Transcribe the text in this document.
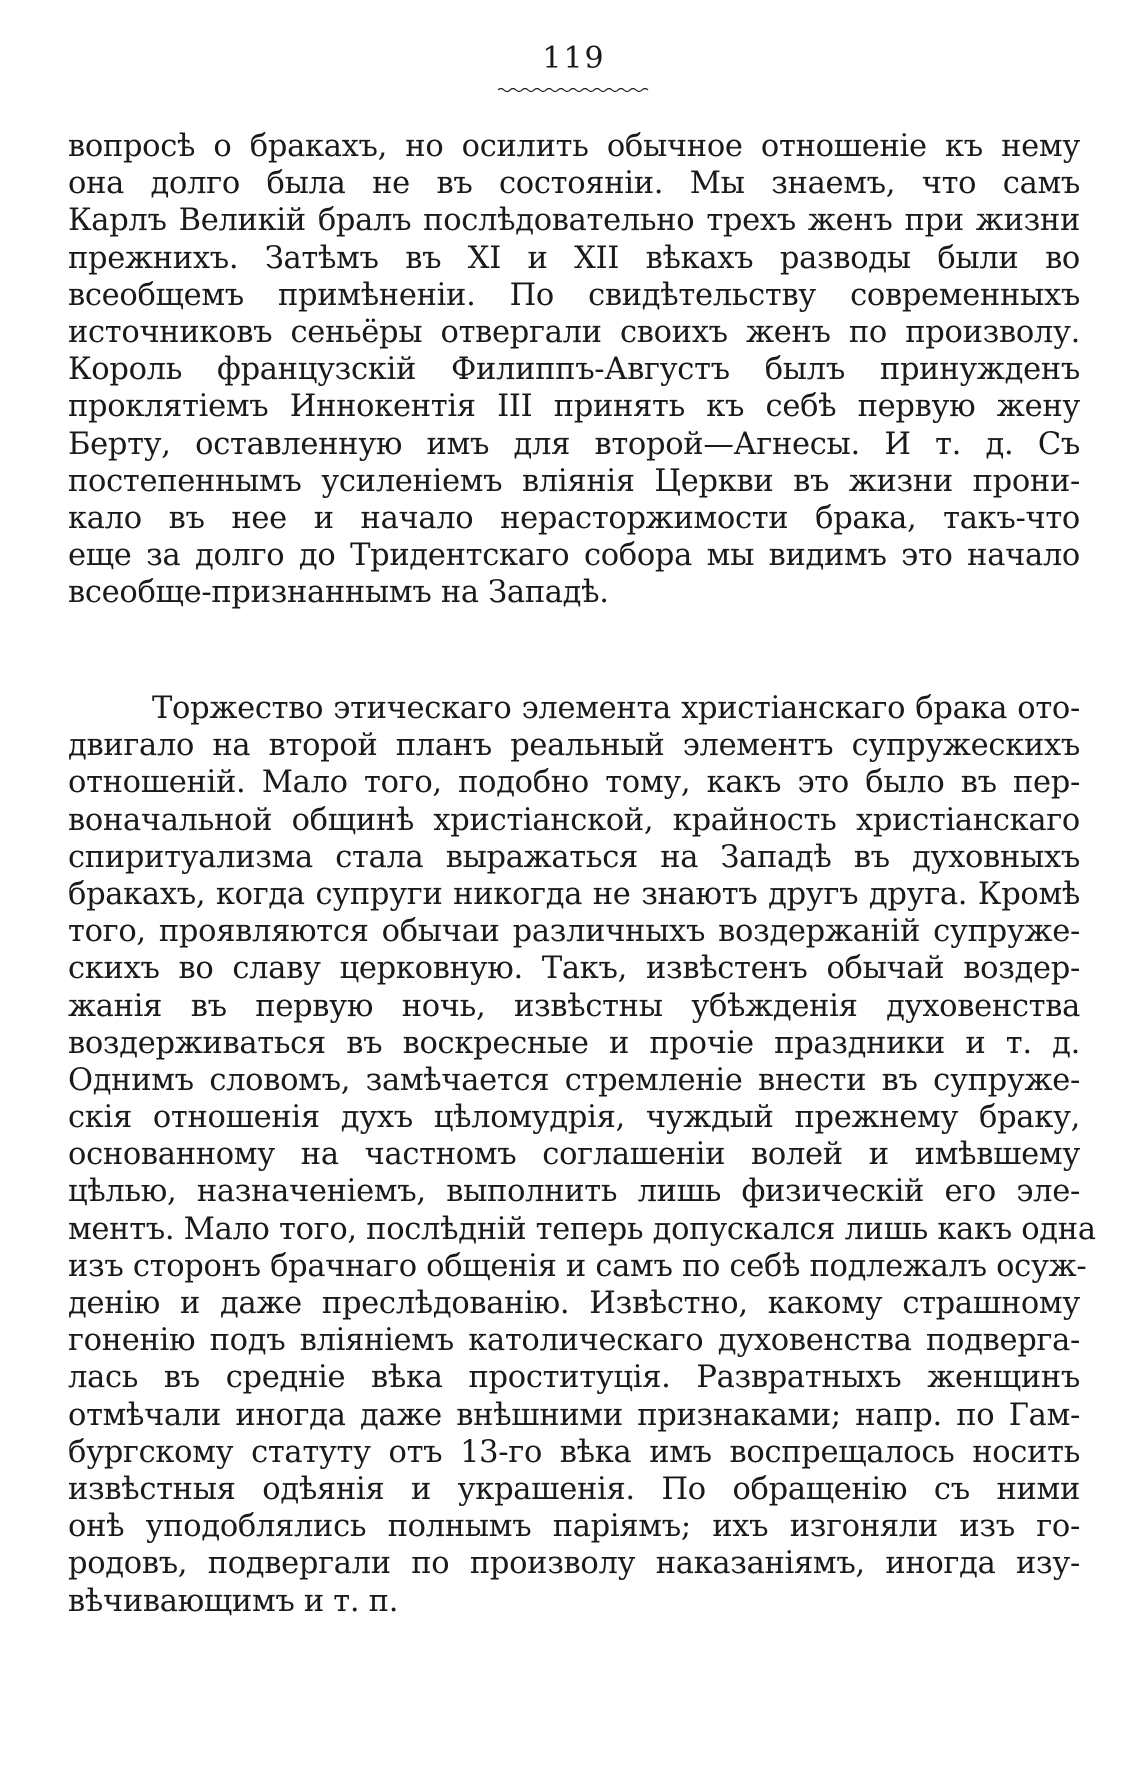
119
вопросѣ о бракахъ, но осилить обычное отношеніе къ нему
она долго была не въ состояніи. Мы знаемъ, что самъ
Карлъ Великій бралъ послѣдовательно трехъ женъ при жизни
прежнихъ. Затѣмъ въ XI и XII вѣкахъ разводы были во
всеобщемъ примѣненіи. По свидѣтельству современныхъ
источниковъ сеньёры отвергали своихъ женъ по произволу.
Король французскій Филиппъ-Августъ былъ принужденъ
проклятіемъ Иннокентія III принять къ себѣ первую жену
Берту, оставленную имъ для второй—Агнесы. И т. д. Съ
постепеннымъ усиленіемъ вліянія Церкви въ жизни прони-
кало въ нее и начало нерасторжимости брака, такъ-что
еще за долго до Тридентскаго собора мы видимъ это начало
всеобще-признаннымъ на Западѣ.
Торжество этическаго элемента христіанскаго брака ото-
двигало на второй планъ реальный элементъ супружескихъ
отношеній. Мало того, подобно тому, какъ это было въ пер-
воначальной общинѣ христіанской, крайность христіанскаго
спиритуализма стала выражаться на Западѣ въ духовныхъ
бракахъ, когда супруги никогда не знаютъ другъ друга. Кромѣ
того, проявляются обычаи различныхъ воздержаній супруже-
скихъ во славу церковную. Такъ, извѣстенъ обычай воздер-
жанія въ первую ночь, извѣстны убѣжденія духовенства
воздерживаться въ воскресные и прочіе праздники и т. д.
Однимъ словомъ, замѣчается стремленіе внести въ супруже-
скія отношенія духъ цѣломудрія, чуждый прежнему браку,
основанному на частномъ соглашеніи волей и имѣвшему
цѣлью, назначеніемъ, выполнить лишь физическій его эле-
ментъ. Мало того, послѣдній теперь допускался лишь какъ одна
изъ сторонъ брачнаго общенія и самъ по себѣ подлежалъ осуж-
денію и даже преслѣдованію. Извѣстно, какому страшному
гоненію подъ вліяніемъ католическаго духовенства подверга-
лась въ средніе вѣка проституція. Развратныхъ женщинъ
отмѣчали иногда даже внѣшними признаками; напр. по Гам-
бургскому статуту отъ 13-го вѣка имъ воспрещалось носить
извѣстныя одѣянія и украшенія. По обращенію съ ними
онѣ уподоблялись полнымъ паріямъ; ихъ изгоняли изъ го-
родовъ, подвергали по произволу наказаніямъ, иногда изу-
вѣчивающимъ и т. п.
